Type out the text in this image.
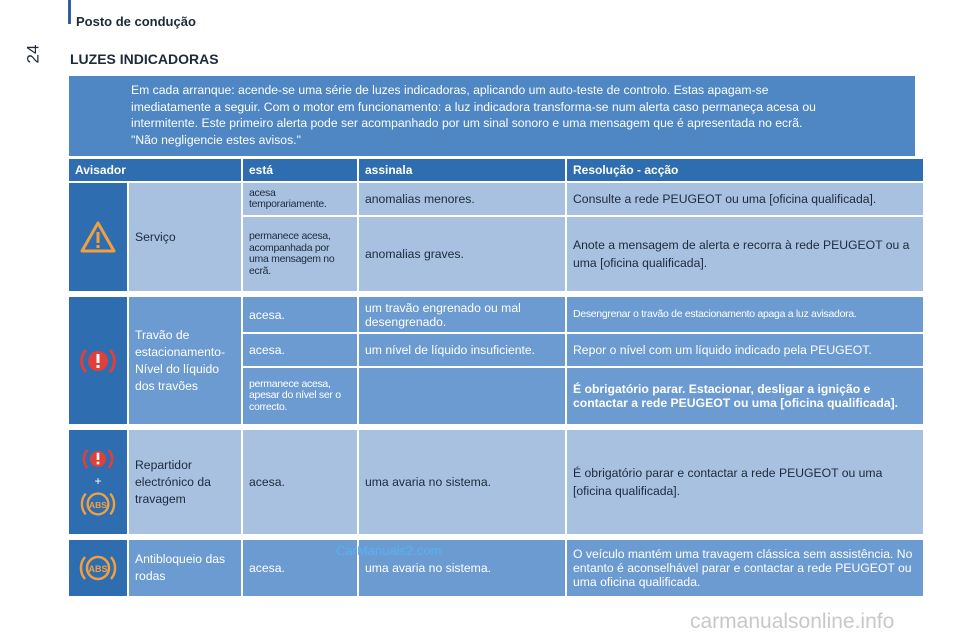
Posto de condução
24 LUZES INDICADORAS
Em cada arranque: acende-se uma série de luzes indicadoras, aplicando um auto-teste de controlo. Estas apagam-se
imediatamente a seguir. Com o motor em funcionamento: a luz indicadora transforma-se num alerta caso permaneça acesa ou
intermitente. Este primeiro alerta pode ser acompanhado por um sinal sonoro e uma mensagem que é apresentada no ecrã.
"Não negligencie estes avisos."
Avisador		está	assinala	Resolução - acção

	Serviço	acesa temporariamente.	anomalias menores.	Consulte a rede PEUGEOT ou uma [oficina qualificada].
		permanece acesa, acompanhada por uma mensagem no ecrã.	anomalias graves.	Anote a mensagem de alerta e recorra à rede PEUGEOT ou a uma [oficina qualificada].

	Travão de estacionamento- Nível do líquido dos travões	acesa.	um travão engrenado ou mal desengrenado.	Desengrenar o travão de estacionamento apaga a luz avisadora.
		acesa.	um nível de líquido insuficiente.	Repor o nível com um líquido indicado pela PEUGEOT.
		permanece acesa, apesar do nível ser o correcto.		É obrigatório parar. Estacionar, desligar a ignição e contactar a rede PEUGEOT ou uma [oficina qualificada].

+
ABS	Repartidor electrónico da travagem	acesa.	uma avaria no sistema.	É obrigatório parar e contactar a rede PEUGEOT ou uma [oficina qualificada].

ABS	Antibloqueio das rodas	acesa.	uma avaria no sistema.	O veículo mantém uma travagem clássica sem assistência. No entanto é aconselhável parar e contactar a rede PEUGEOT ou uma oficina qualificada.
CarManuals2.com
carmanualsonline.info
